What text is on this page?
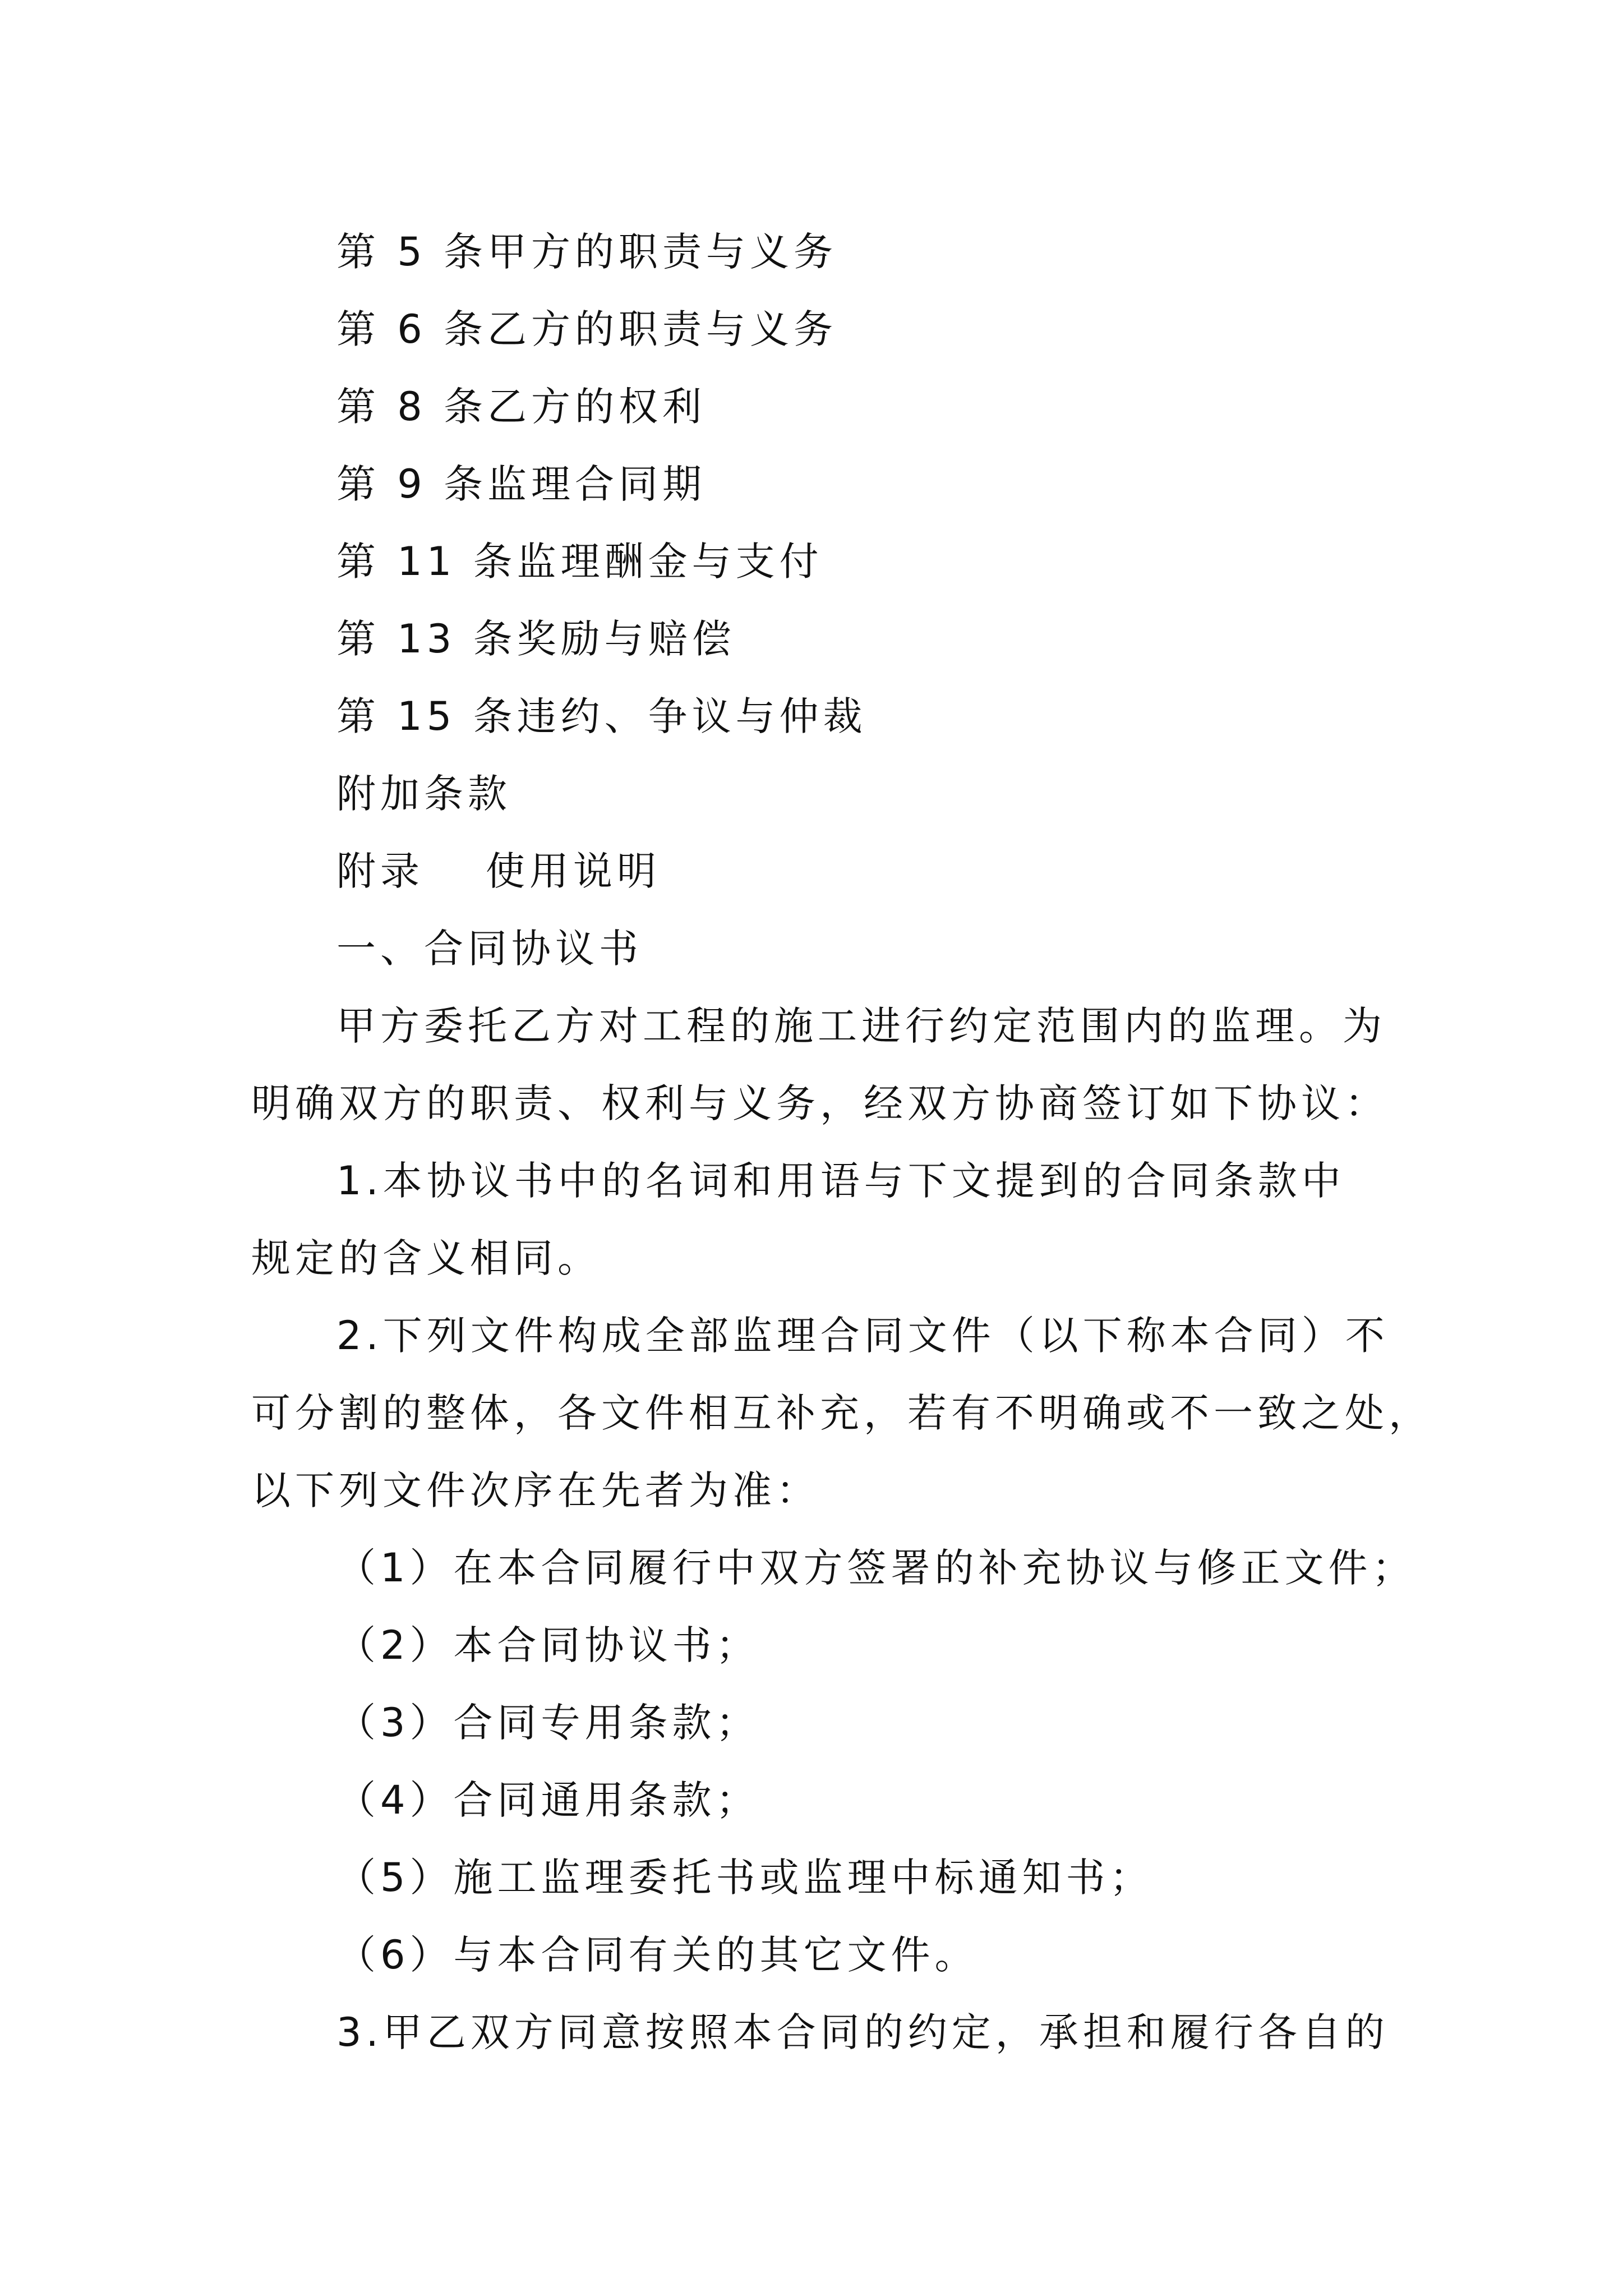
第 5 条甲方的职责与义务
第 6 条乙方的职责与义务
第 8 条乙方的权利
第 9 条监理合同期
第 11 条监理酬金与支付
第 13 条奖励与赔偿
第 15 条违约、争议与仲裁
附加条款
附录 使用说明
一、合同协议书
甲方委托乙方对工程的施工进行约定范围内的监理。为
明确双方的职责、权利与义务，经双方协商签订如下协议：
1.本协议书中的名词和用语与下文提到的合同条款中
规定的含义相同。
2.下列文件构成全部监理合同文件（以下称本合同）不
可分割的整体，各文件相互补充，若有不明确或不一致之处，
以下列文件次序在先者为准：
（1）在本合同履行中双方签署的补充协议与修正文件；
（2）本合同协议书；
（3）合同专用条款；
（4）合同通用条款；
（5）施工监理委托书或监理中标通知书；
（6）与本合同有关的其它文件。
3.甲乙双方同意按照本合同的约定，承担和履行各自的
